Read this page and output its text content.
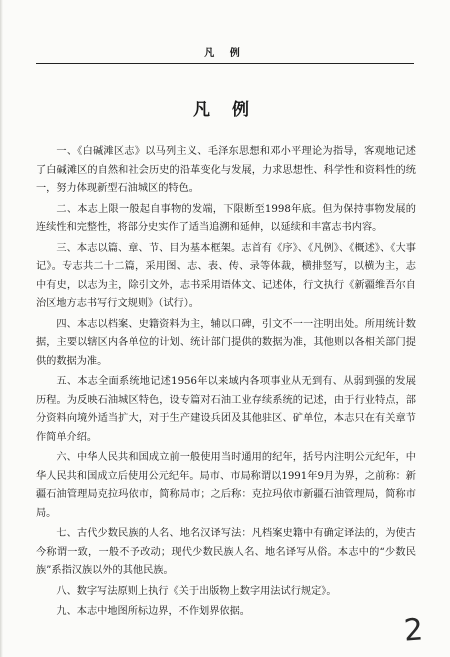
凡 例
凡 例

一、《白碱滩区志》以马列主义、毛泽东思想和邓小平理论为指导，客观地记述了白碱滩区的自然和社会历史的沿革变化与发展，力求思想性、科学性和资料性的统一，努力体现新型石油城区的特色。

二、本志上限一般起自事物的发端，下限断至1998年底。但为保持事物发展的连续性和完整性，将部分史实作了适当追溯和延伸，以延续和丰富志书内容。

三、本志以篇、章、节、目为基本框架。志首有《序》、《凡例》、《概述》、《大事记》。专志共二十二篇，采用图、志、表、传、录等体裁，横排竖写，以横为主，志中有史，以志为主，除引文外，志书采用语体文、记述体，行文执行《新疆维吾尔自治区地方志书写行文规则》（试行）。

四、本志以档案、史籍资料为主，辅以口碑，引文不一一注明出处。所用统计数据，主要以辖区内各单位的计划、统计部门提供的数据为准，其他则以各相关部门提供的数据为准。

五、本志全面系统地记述1956年以来域内各项事业从无到有、从弱到强的发展历程。为反映石油城区特色，设专篇对石油工业存续系统的记述，由于行业特点，部分资料向境外适当扩大，对于生产建设兵团及其他驻区、矿单位，本志只在有关章节作简单介绍。

六、中华人民共和国成立前一般使用当时通用的纪年，括号内注明公元纪年，中华人民共和国成立后使用公元纪年。局市、市局称谓以1991年9月为界，之前称：新疆石油管理局克拉玛依市，简称局市；之后称：克拉玛依市新疆石油管理局，简称市局。

七、古代少数民族的人名、地名汉译写法：凡档案史籍中有确定译法的，为使古今称谓一致，一般不予改动；现代少数民族人名、地名译写从俗。本志中的“少数民族”系指汉族以外的其他民族。

八、数字写法原则上执行《关于出版物上数字用法试行规定》。

九、本志中地图所标边界，不作划界依据。

2
